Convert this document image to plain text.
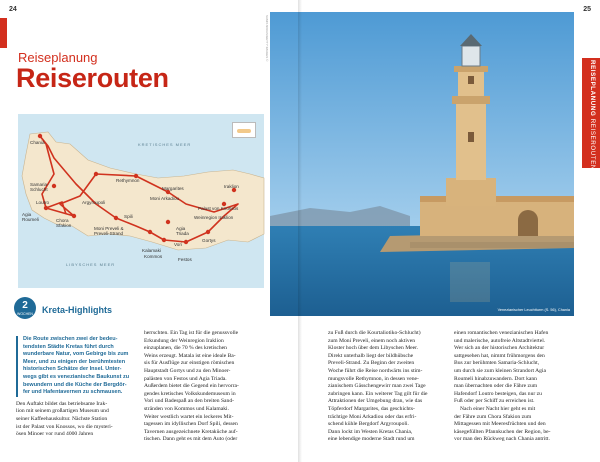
24
Reiseplanung
Reiserouten
KRETISCHES MEER
LIBYSCHES MEER
Chaniá
Rethymnon
Margarites	Iraklion
Moni Arkadiou
Palast von Knossos
Weinregion Iraklion
Argyroupoli
Samaria-Schlucht
Loutro
Chora Sfakion
Agia Roumeli
Spili
Moni Preveli & Preveli-Strand
Agia Triada
Vori
Kalamaki
Kommos
Festos
Gortys
2
WOCHEN	Kreta-Highlights
Die Route zwischen zwei der bedeu-
tendsten Städte Kretas führt durch
wunderbare Natur, vom Gebirge bis zum
Meer, und zu einigen der berühmtesten
historischen Schätze der Insel. Unter-
wegs gibt es venezianische Baukunst zu
bewundern und die Küche der Bergdör-
fer und Hafentavernen zu schmausen.
Den Auftakt bildet das betriebsame Irak-
lion mit seinem großartigen Museum und
seiner Kaffeehauskultur. Nächste Station
ist der Palast von Knossos, wo die mysteri-
ösen Minoer vor rund 4000 Jahren
herrschten. Ein Tag ist für die genussvolle
Erkundung der Weinregion Iraklion
einzuplanen, die 70 % des kretischen
Weins erzeugt. Matala ist eine ideale Ba-
sis für Ausflüge zur einstigen römischen
Hauptstadt Gortys und zu den Minoer-
palästen von Festos und Agia Triada.
Außerdem bietet die Gegend ein hervorra-
gendes kretisches Volkskundemuseum in
Vori und Badespaß an den breiten Sand-
stränden von Kommos und Kalamaki.
Weiter westlich wartet ein leckeres Mit-
tagessen im idyllischen Dorf Spili, dessen
Tavernen ausgezeichnete Kretaküche auf-
tischen. Dann geht es mit dem Auto (oder
25
Venezianischer Leuchtturm (S. 56), Chania
SAMIS NIKIAS/GETTY IMAGES ©
REISEPLANUNG REISEROUTEN
zu Fuß durch die Kourtaliotiko-Schlucht)
zum Moni Preveli, einem noch aktiven
Kloster hoch über dem Libyschen Meer.
Direkt unterhalb liegt der bildhübsche
Preveli-Strand. Zu Beginn der zweiten
Woche führt die Reise nordwärts ins stim-
mungsvolle Rethymnon, in dessen vene-
zianischem Gässchengewirr man zwei Tage
zubringen kann. Ein weiterer Tag gilt für die
Attraktionen der Umgebung dran, wie das
Töpferdorf Margarites, das geschichts-
trächtige Moni Arkadiou oder das erfri-
schend kühle Bergdorf Argyroupoli.
Dann lockt im Westen Kretas Chania,
eine lebendige moderne Stadt rund um
einen romantischen venezianischen Hafen
und malerische, autofreie Altstadtviertel.
Wer sich an der historischen Architektur
sattgesehen hat, nimmt frühmorgens den
Bus zur berühmten Samaria-Schlucht,
um durch sie zum kleinen Strandort Agia
Roumeli hinabzuwandern. Dort kann
man übernachten oder die Fähre zum
Hafendorf Loutro besteigen, das nur zu
Fuß oder per Schiff zu erreichen ist.
Nach einer Nacht hier geht es mit
der Fähre zum Chora Sfakion zum
Mittagessen mit Meeresfrüchten und den
käsegefüllten Pfannkuchen der Region, be-
vor man den Rückweg nach Chania antritt.
